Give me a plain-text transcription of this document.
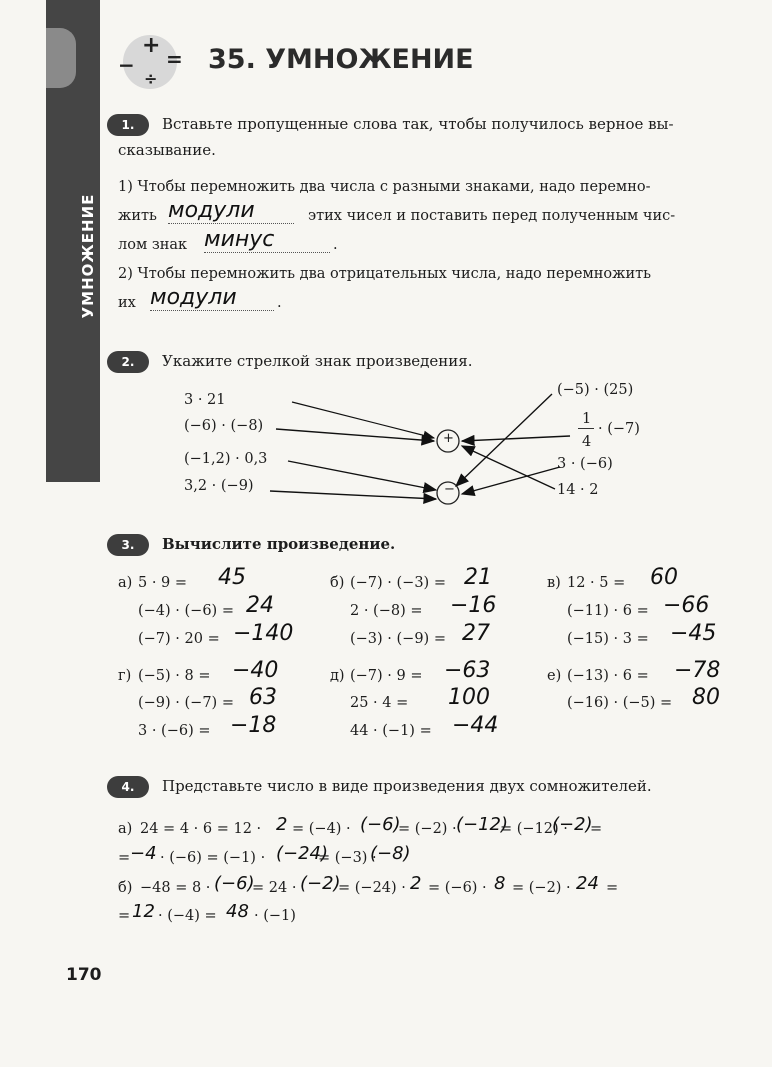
УМНОЖЕНИЕ
+
− =
÷
35. УМНОЖЕНИЕ
1.	Вставьте пропущенные слова так, чтобы получилось верное вы-
сказывание.
1) Чтобы перемножить два числа с разными знаками, надо перемно-
жить модули	этих чисел и поставить перед полученным чис-
лом знак минус	.
2) Чтобы перемножить два отрицательных числа, надо перемножить
их модули	.
2.	Укажите стрелкой знак произведения.
3 · 21
(−6) · (−8)
(−1,2) · 0,3
3,2 · (−9)
(−5) · (25)
1
4
· (−7)
3 · (−6)
14 · 2
+
−
3.	Вычислите произведение.
а) 5 · 9 = 45
(−4) · (−6) = 24
(−7) · 20 = −140
г) (−5) · 8 = −40
(−9) · (−7) = 63
3 · (−6) = −18
б) (−7) · (−3) = 21
2 · (−8) = −16
(−3) · (−9) = 27
д) (−7) · 9 = −63
25 · 4 = 100
44 · (−1) = −44
в) 12 · 5 = 60
(−11) · 6 = −66
(−15) · 3 = −45
е) (−13) · 6 = −78
(−16) · (−5) = 80
4.	Представьте число в виде произведения двух сомножителей.
а) 24 = 4 · 6 = 12 · 2 = (−4) · (−6)
= (−2) · (−12)
= (−12) ·
(−2)
=
= −4 · (−6) = (−1) · (−24)
= (−3) ·
(−8)
б) −48 = 8 · (−6)
= 24 · (−2)
= (−24) · 2 = (−6) · 8 = (−2) · 24 =
= 12 · (−4) = 48 · (−1)
170
